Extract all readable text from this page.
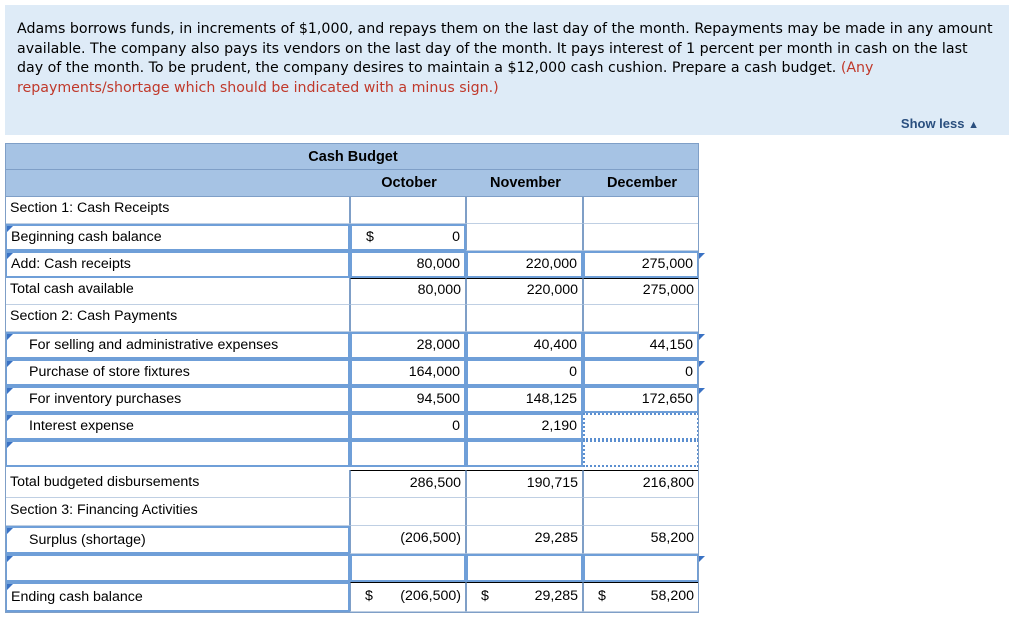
Adams borrows funds, in increments of $1,000, and repays them on the last day of the month. Repayments may be made in any amount available. The company also pays its vendors on the last day of the month. It pays interest of 1 percent per month in cash on the last day of the month. To be prudent, the company desires to maintain a $12,000 cash cushion. Prepare a cash budget. (Any repayments/shortage which should be indicated with a minus sign.)
Show less ▲
Cash Budget
October	November	December
Section 1: Cash Receipts
Beginning cash balance	$	0
Add: Cash receipts	80,000	220,000	275,000
Total cash available	80,000	220,000	275,000
Section 2: Cash Payments
For selling and administrative expenses	28,000	40,400	44,150
Purchase of store fixtures	164,000	0	0
For inventory purchases	94,500	148,125	172,650
Interest expense	0	2,190
Total budgeted disbursements	286,500	190,715	216,800
Section 3: Financing Activities
Surplus (shortage)	(206,500)	29,285	58,200
Ending cash balance	$ (206,500)	$	29,285	$	58,200
